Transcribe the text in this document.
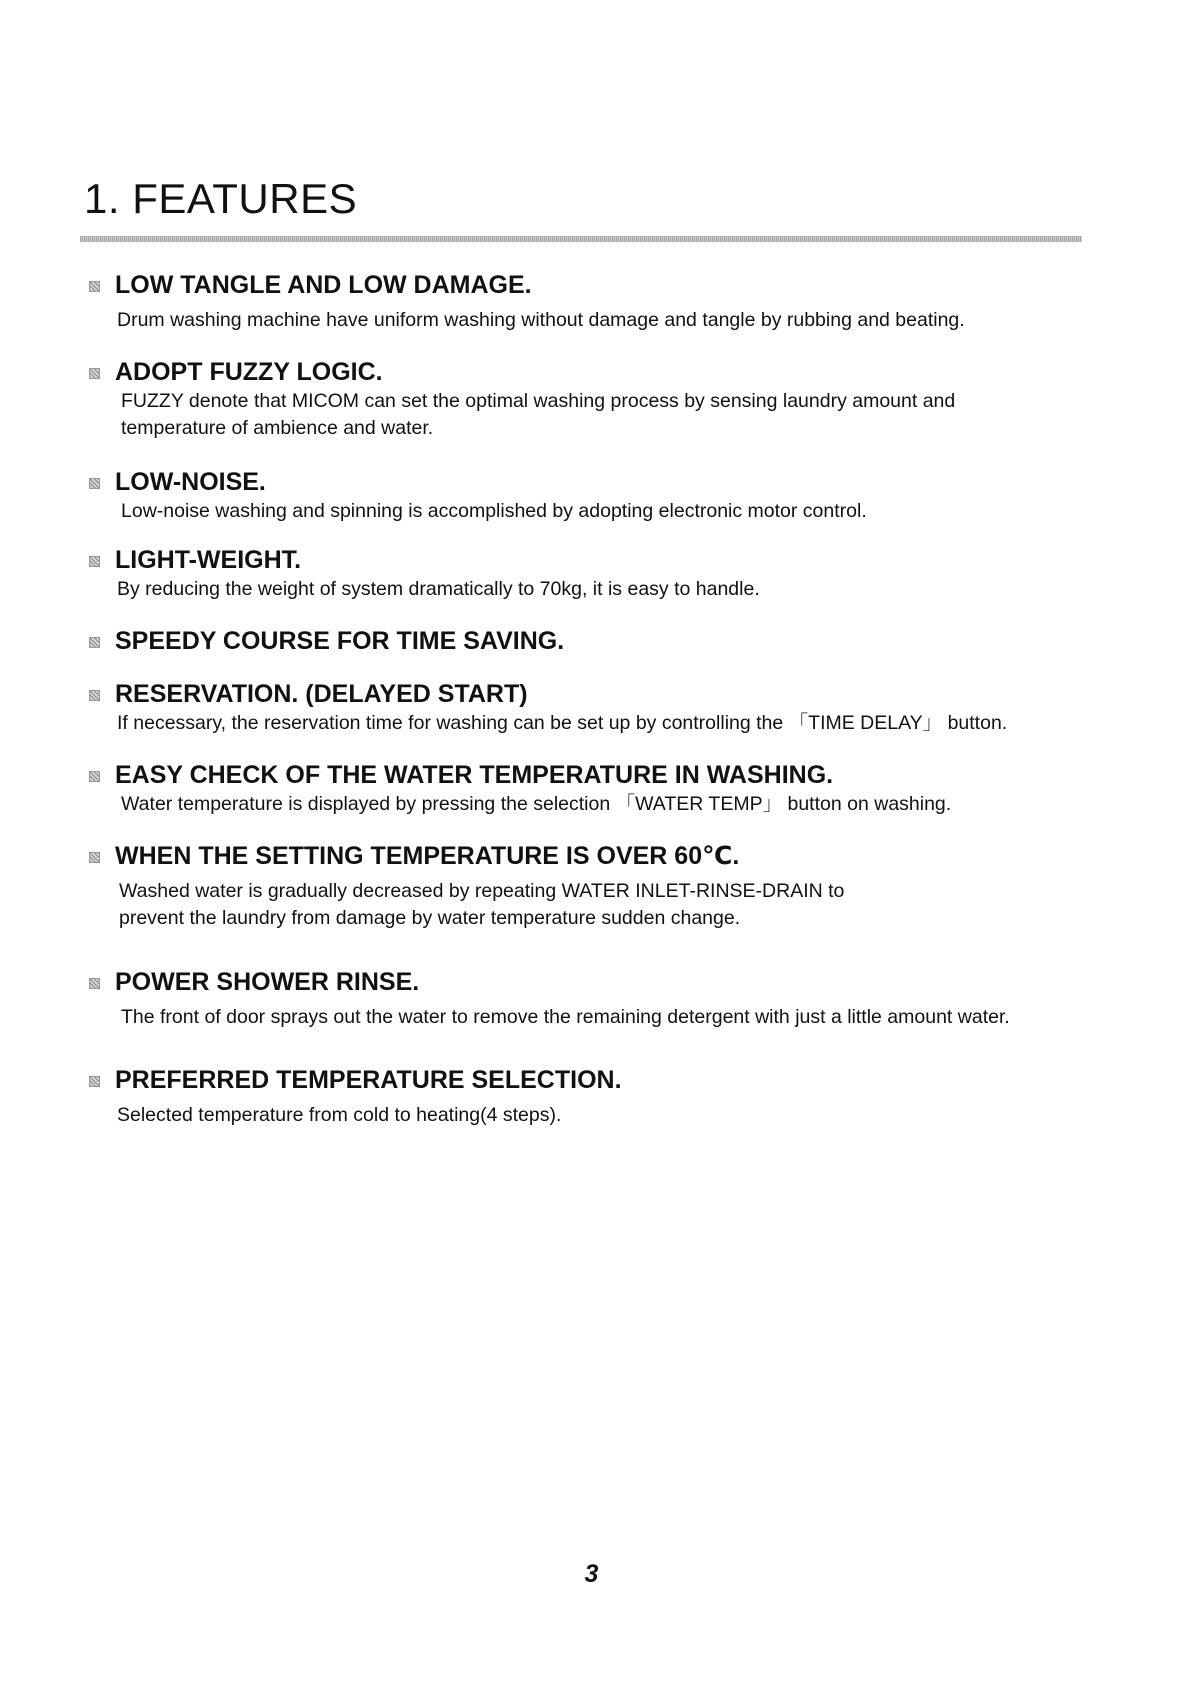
1. FEATURES
LOW TANGLE AND LOW DAMAGE.

Drum washing machine have uniform washing without damage and tangle by rubbing and beating.

ADOPT FUZZY LOGIC.

FUZZY denote that MICOM can set the optimal washing process by sensing laundry amount and
temperature of ambience and water.

LOW-NOISE.

Low-noise washing and spinning is accomplished by adopting electronic motor control.

LIGHT-WEIGHT.

By reducing the weight of system dramatically to 70kg, it is easy to handle.

SPEEDY COURSE FOR TIME SAVING.
RESERVATION. (DELAYED START)

If necessary, the reservation time for washing can be set up by controlling the 「TIME DELAY」 button.

EASY CHECK OF THE WATER TEMPERATURE IN WASHING.

Water temperature is displayed by pressing the selection 「WATER TEMP」 button on washing.

WHEN THE SETTING TEMPERATURE IS OVER 60℃.

Washed water is gradually decreased by repeating WATER INLET-RINSE-DRAIN to
prevent the laundry from damage by water temperature sudden change.

POWER SHOWER RINSE.

The front of door sprays out the water to remove the remaining detergent with just a little amount water.

PREFERRED TEMPERATURE SELECTION.

Selected temperature from cold to heating(4 steps).

3
